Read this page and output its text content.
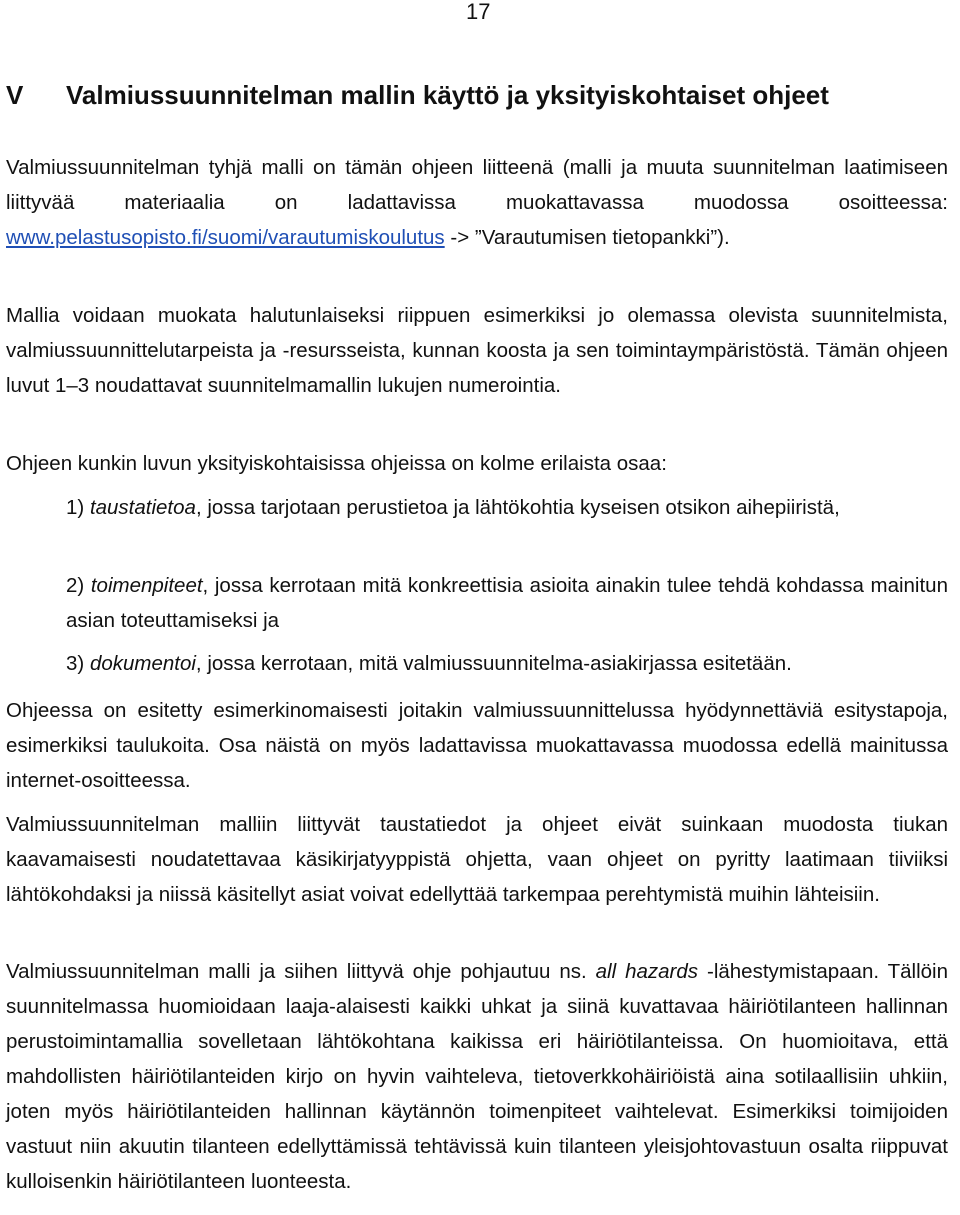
17
V Valmiussuunnitelman mallin käyttö ja yksityiskohtaiset ohjeet

Valmiussuunnitelman tyhjä malli on tämän ohjeen liitteenä (malli ja muuta suunnitelman laatimiseen liittyvää materiaalia on ladattavissa muokattavassa muodossa osoitteessa: www.pelastusopisto.fi/suomi/varautumiskoulutus -> ”Varautumisen tietopankki”).

Mallia voidaan muokata halutunlaiseksi riippuen esimerkiksi jo olemassa olevista suunnitelmista, valmiussuunnittelutarpeista ja -resursseista, kunnan koosta ja sen toimintaympäristöstä. Tämän ohjeen luvut 1–3 noudattavat suunnitelmamallin lukujen numerointia.

Ohjeen kunkin luvun yksityiskohtaisissa ohjeissa on kolme erilaista osaa:

1) taustatietoa, jossa tarjotaan perustietoa ja lähtökohtia kyseisen otsikon aihepiiristä,

2) toimenpiteet, jossa kerrotaan mitä konkreettisia asioita ainakin tulee tehdä kohdassa mainitun asian toteuttamiseksi ja

3) dokumentoi, jossa kerrotaan, mitä valmiussuunnitelma-asiakirjassa esitetään.

Ohjeessa on esitetty esimerkinomaisesti joitakin valmiussuunnittelussa hyödynnettäviä esitystapoja, esimerkiksi taulukoita. Osa näistä on myös ladattavissa muokattavassa muodossa edellä mainitussa internet-osoitteessa.

Valmiussuunnitelman malliin liittyvät taustatiedot ja ohjeet eivät suinkaan muodosta tiukan kaavamaisesti noudatettavaa käsikirjatyyppistä ohjetta, vaan ohjeet on pyritty laatimaan tiiviiksi lähtökohdaksi ja niissä käsitellyt asiat voivat edellyttää tarkempaa perehtymistä muihin lähteisiin.

Valmiussuunnitelman malli ja siihen liittyvä ohje pohjautuu ns. all hazards -lähestymistapaan. Tällöin suunnitelmassa huomioidaan laaja-alaisesti kaikki uhkat ja siinä kuvattavaa häiriötilanteen hallinnan perustoimintamallia sovelletaan lähtökohtana kaikissa eri häiriötilanteissa. On huomioitava, että mahdollisten häiriötilanteiden kirjo on hyvin vaihteleva, tietoverkkohäiriöistä aina sotilaallisiin uhkiin, joten myös häiriötilanteiden hallinnan käytännön toimenpiteet vaihtelevat. Esimerkiksi toimijoiden vastuut niin akuutin tilanteen edellyttämissä tehtävissä kuin tilanteen yleisjohtovastuun osalta riippuvat kulloisenkin häiriötilanteen luonteesta.
